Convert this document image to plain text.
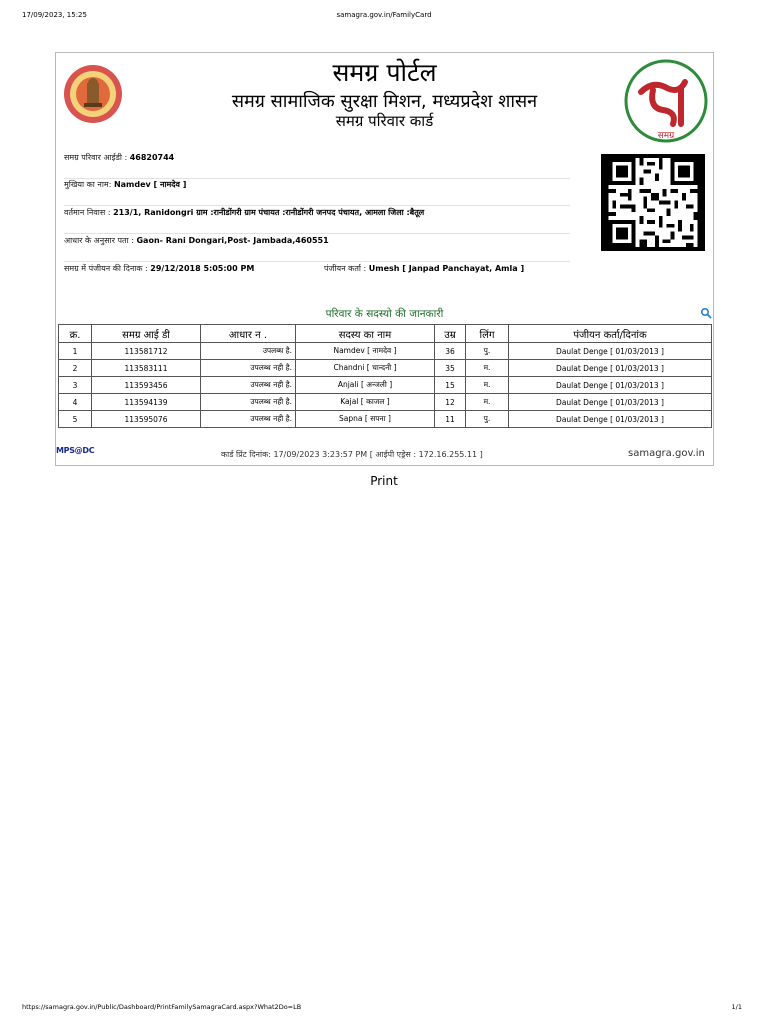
17/09/2023, 15:25	samagra.gov.in/FamilyCard
समग्र पोर्टल
समग्र सामाजिक सुरक्षा मिशन, मध्यप्रदेश शासन
समग्र परिवार कार्ड
समग्र
समग्र परिवार आईडी : 46820744
मुखिया का नाम: Namdev [ नामदेव ]
वर्तमान निवास : 213/1, Ranidongri ग्राम :रानीडोंगरी ग्राम पंचायत :रानीडोंगरी जनपद पंचायत, आमला जिला :बैतूल
आधार के अनुसार पता : Gaon- Rani Dongari,Post- Jambada,460551
समग्र में पंजीयन की दिनाक : 29/12/2018 5:05:00 PM	पंजीयन कर्ता : Umesh [ Janpad Panchayat, Amla ]
परिवार के सदस्यो की जानकारी
क्र.	समग्र आई डी	आधार न .	सदस्य का नाम	उम्र	लिंग	पंजीयन कर्ता/दिनांक
1	113581712	उपलब्ध है.	Namdev [ नामदेव ]	36	पु.	Daulat Denge [ 01/03/2013 ]
2	113583111	उपलब्ध नही है.	Chandni [ चान्दनी ]	35	म.	Daulat Denge [ 01/03/2013 ]
3	113593456	उपलब्ध नही है.	Anjali [ अन्जली ]	15	म.	Daulat Denge [ 01/03/2013 ]
4	113594139	उपलब्ध नही है.	Kajal [ काजल ]	12	म.	Daulat Denge [ 01/03/2013 ]
5	113595076	उपलब्ध नही है.	Sapna [ सपना ]	11	पु.	Daulat Denge [ 01/03/2013 ]
MPS@DC	कार्ड प्रिंट दिनांक: 17/09/2023 3:23:57 PM [ आईपी एड्रेस : 172.16.255.11 ]	samagra.gov.in
Print
https://samagra.gov.in/Public/Dashboard/PrintFamilySamagraCard.aspx?What2Do=LB	1/1
